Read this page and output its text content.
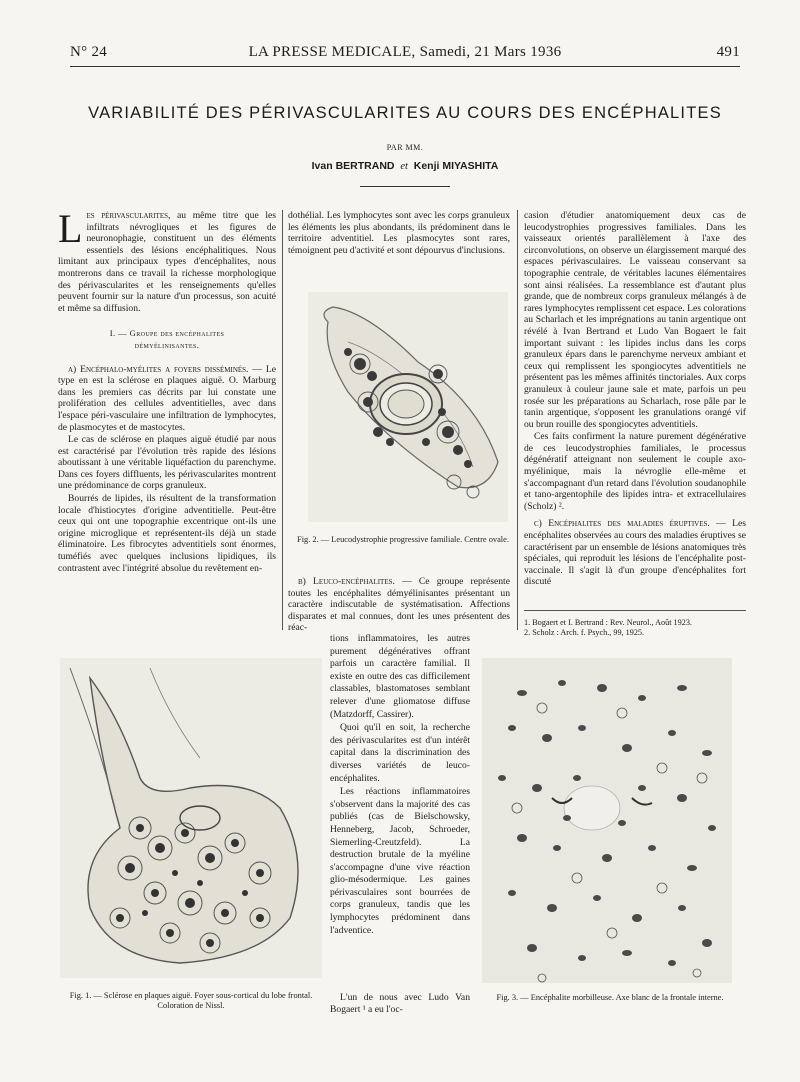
N° 24	LA PRESSE MEDICALE, Samedi, 21 Mars 1936	491
VARIABILITÉ DES PÉRIVASCULARITES AU COURS DES ENCÉPHALITES
PAR MM.
Ivan BERTRAND et Kenji MIYASHITA

Les périvascularites, au même titre que les infiltrats névrogliques et les figures de neuronophagie, constituent un des éléments essentiels des lésions encéphalitiques. Nous limitant aux principaux types d'encéphalites, nous montrerons dans ce travail la richesse morphologique des périvascularites et les renseignements qu'elles peuvent fournir sur la nature d'un processus, son acuité et même sa diffusion.

I. — Groupe des encéphalites
démyélinisantes.

a) Encéphalo-myélites a foyers disséminés. — Le type en est la sclérose en plaques aiguë. O. Marburg dans les premiers cas décrits par lui constate une prolifération des cellules adventitielles, avec dans l'espace péri-vasculaire une infiltration de lymphocytes, de plasmocytes et de mastocytes.

Le cas de sclérose en plaques aiguë étudié par nous est caractérisé par l'évolution très rapide des lésions aboutissant à une véritable liquéfaction du parenchyme. Dans ces foyers diffluents, les périvascularites montrent une prédominance de corps granuleux.

Bourrés de lipides, ils résultent de la transformation locale d'histiocytes d'origine adventitielle. Peut-être ceux qui ont une topographie excentrique ont-ils une origine microglique et représentent-ils déjà un stade éliminatoire. Les fibrocytes adventitiels sont énormes, tuméfiés avec quelques inclusions lipidiques, ils contrastent avec l'intégrité absolue du revêtement en-

dothélial. Les lymphocytes sont avec les corps granuleux les éléments les plus abondants, ils prédominent dans le territoire adventitiel. Les plasmocytes sont rares, témoignent peu d'activité et sont dépourvus d'inclusions.

Fig. 2. — Leucodystrophie progressive familiale. Centre ovale.

b) Leuco-encéphalites. — Ce groupe représente toutes les encéphalites démyélinisantes présentant un caractère indiscutable de systématisation. Affections disparates et mal connues, dont les unes présentent des réac-

tions inflammatoires, les autres purement dégénératives offrant parfois un caractère familial. Il existe en outre des cas difficilement classables, blastomatoses semblant relever d'une gliomatose diffuse (Matzdorff, Cassirer).

Quoi qu'il en soit, la recherche des périvascularites est d'un intérêt capital dans la discrimination des diverses variétés de leuco-encéphalites.

Les réactions inflammatoires s'observent dans la majorité des cas publiés (cas de Bielschowsky, Henneberg, Jacob, Schroeder, Siemerling-Creutzfeld). La destruction brutale de la myéline s'accompagne d'une vive réaction glio-mésodermique. Les gaines périvasculaires sont bourrées de corps granuleux, tandis que les lymphocytes prédominent dans l'adventice.

L'un de nous avec Ludo Van Bogaert ¹ a eu l'oc-

casion d'étudier anatomiquement deux cas de leucodystrophies progressives familiales. Dans les vaisseaux orientés parallèlement à l'axe des circonvolutions, on observe un élargissement marqué des espaces périvasculaires. Le vaisseau conservant sa topographie centrale, de véritables lacunes élémentaires sont ainsi réalisées. La ressemblance est d'autant plus grande, que de nombreux corps granuleux mélangés à de rares lymphocytes remplissent cet espace. Les colorations au Scharlach et les imprégnations au tanin argentique ont révélé à Ivan Bertrand et Ludo Van Bogaert le fait important suivant : les lipides inclus dans les corps granuleux épars dans le parenchyme nerveux ambiant et ceux qui remplissent les spongiocytes adventitiels ne présentent pas les mêmes affinités tinctoriales. Aux corps granuleux à couleur jaune sale et mate, parfois un peu rosée sur les préparations au Scharlach, rose pâle par le tanin argentique, s'opposent les granulations orangé vif ou brun rouille des spongiocytes adventitiels.

Ces faits confirment la nature purement dégénérative de ces leucodystrophies familiales, le processus dégénératif atteignant non seulement le couple axo-myélinique, mais la névroglie elle-même et s'accompagnant d'un retard dans l'évolution soudanophile et tano-argentophile des lipides intra- et extracellulaires (Scholz) ².

c) Encéphalites des maladies éruptives. — Les encéphalites observées au cours des maladies éruptives se caractérisent par un ensemble de lésions anatomiques très spéciales, qui reproduit les lésions de l'encéphalite post-vaccinale. Il s'agit là d'un groupe d'encéphalites fort discuté

1. Bogaert et I. Bertrand : Rev. Neurol., Août 1923.
2. Scholz : Arch. f. Psych., 99, 1925.
Fig. 1. — Sclérose en plaques aiguë. Foyer sous-cortical du lobe frontal. Coloration de Nissl.
Fig. 3. — Encéphalite morbilleuse. Axe blanc de la frontale interne.
